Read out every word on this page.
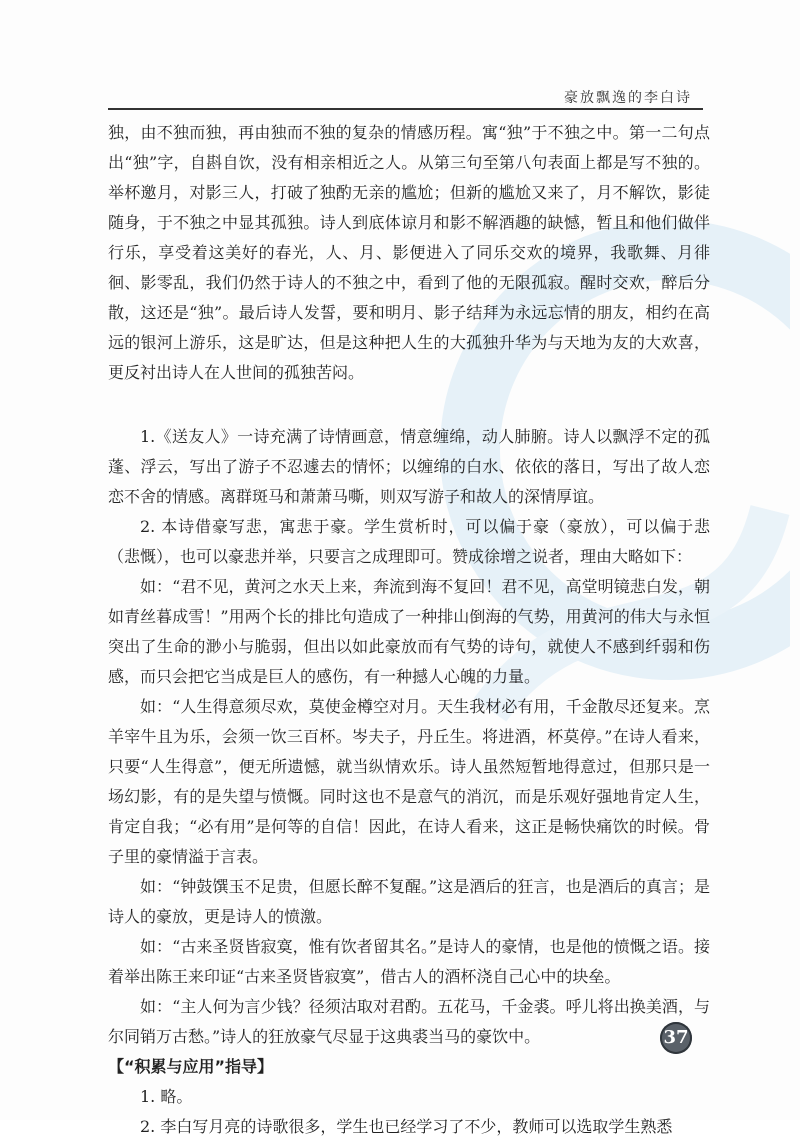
豪放飘逸的李白诗

独，由不独而独，再由独而不独的复杂的情感历程。寓“独”于不独之中。第一二句点出“独”字，自斟自饮，没有相亲相近之人。从第三句至第八句表面上都是写不独的。举杯邀月，对影三人，打破了独酌无亲的尴尬；但新的尴尬又来了，月不解饮，影徒随身，于不独之中显其孤独。诗人到底体谅月和影不解酒趣的缺憾，暂且和他们做伴行乐，享受着这美好的春光，人、月、影便进入了同乐交欢的境界，我歌舞、月徘徊、影零乱，我们仍然于诗人的不独之中，看到了他的无限孤寂。醒时交欢，醉后分散，这还是“独”。最后诗人发誓，要和明月、影子结拜为永远忘情的朋友，相约在高远的银河上游乐，这是旷达，但是这种把人生的大孤独升华为与天地为友的大欢喜，更反衬出诗人在人世间的孤独苦闷。

1.《送友人》一诗充满了诗情画意，情意缠绵，动人肺腑。诗人以飘浮不定的孤蓬、浮云，写出了游子不忍遽去的情怀；以缠绵的白水、依依的落日，写出了故人恋恋不舍的情感。离群斑马和萧萧马嘶，则双写游子和故人的深情厚谊。

2. 本诗借豪写悲，寓悲于豪。学生赏析时，可以偏于豪（豪放），可以偏于悲（悲慨），也可以豪悲并举，只要言之成理即可。赞成徐增之说者，理由大略如下：

如：“君不见，黄河之水天上来，奔流到海不复回！君不见，高堂明镜悲白发，朝如青丝暮成雪！”用两个长的排比句造成了一种排山倒海的气势，用黄河的伟大与永恒突出了生命的渺小与脆弱，但出以如此豪放而有气势的诗句，就使人不感到纤弱和伤感，而只会把它当成是巨人的感伤，有一种撼人心魄的力量。

如：“人生得意须尽欢，莫使金樽空对月。天生我材必有用，千金散尽还复来。烹羊宰牛且为乐，会须一饮三百杯。岑夫子，丹丘生。将进酒，杯莫停。”在诗人看来，只要“人生得意”，便无所遗憾，就当纵情欢乐。诗人虽然短暂地得意过，但那只是一场幻影，有的是失望与愤慨。同时这也不是意气的消沉，而是乐观好强地肯定人生，肯定自我；“必有用”是何等的自信！因此，在诗人看来，这正是畅快痛饮的时候。骨子里的豪情溢于言表。

如：“钟鼓馔玉不足贵，但愿长醉不复醒。”这是酒后的狂言，也是酒后的真言；是诗人的豪放，更是诗人的愤激。

如：“古来圣贤皆寂寞，惟有饮者留其名。”是诗人的豪情，也是他的愤慨之语。接着举出陈王来印证“古来圣贤皆寂寞”，借古人的酒杯浇自己心中的块垒。

如：“主人何为言少钱？径须沽取对君酌。五花马，千金裘。呼儿将出换美酒，与尔同销万古愁。”诗人的狂放豪气尽显于这典裘当马的豪饮中。

【“积累与应用”指导】

1. 略。

2. 李白写月亮的诗歌很多，学生也已经学习了不少，教师可以选取学生熟悉

37
